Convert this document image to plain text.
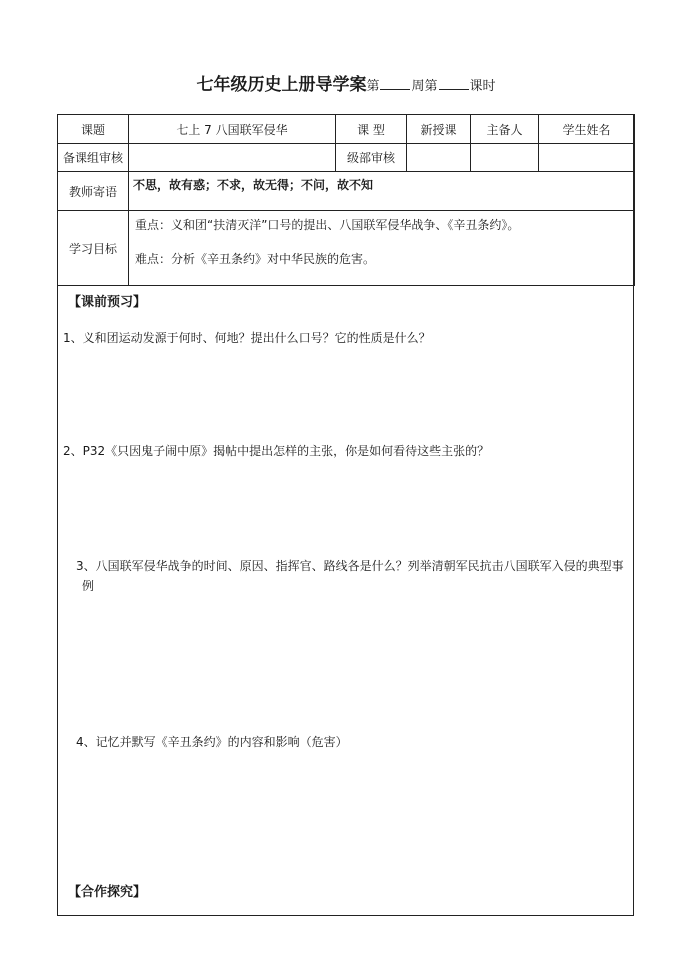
七年级历史上册导学案第 周第 课时
课题	七上 7 八国联军侵华	课 型	新授课	主备人	学生姓名
备课组审核		级部审核			
教师寄语	不思，故有惑；不求，故无得；不问，故不知				
学习目标	重点：义和团“扶清灭洋”口号的提出、八国联军侵华战争、《辛丑条约》。
难点：分析《辛丑条约》对中华民族的危害。				
【课前预习】
1、义和团运动发源于何时、何地？提出什么口号？它的性质是什么？
2、P32《只因鬼子闹中原》揭帖中提出怎样的主张，你是如何看待这些主张的？
3、八国联军侵华战争的时间、原因、指挥官、路线各是什么？列举清朝军民抗击八国联军入侵的典型事
例
4、记忆并默写《辛丑条约》的内容和影响（危害）
【合作探究】
